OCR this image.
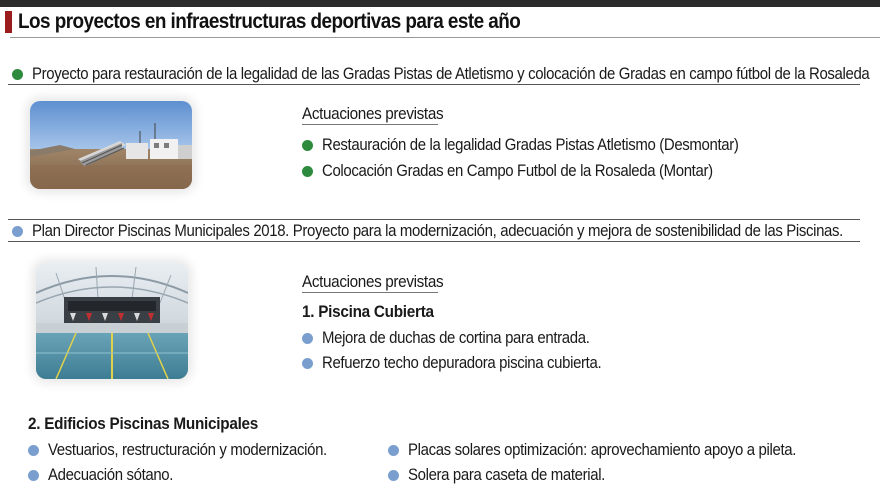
Los proyectos en infraestructuras deportivas para este año
Proyecto para restauración de la legalidad de las Gradas Pistas de Atletismo y colocación de Gradas en campo fútbol de la Rosaleda
Actuaciones previstas
Restauración de la legalidad Gradas Pistas Atletismo (Desmontar)
Colocación Gradas en Campo Futbol de la Rosaleda (Montar)
Plan Director Piscinas Municipales 2018. Proyecto para la modernización, adecuación y mejora de sostenibilidad de las Piscinas.
Actuaciones previstas
1. Piscina Cubierta
Mejora de duchas de cortina para entrada.
Refuerzo techo depuradora piscina cubierta.
2. Edificios Piscinas Municipales
Vestuarios, restructuración y modernización.
Adecuación sótano.
Placas solares optimización: aprovechamiento apoyo a pileta.
Solera para caseta de material.
